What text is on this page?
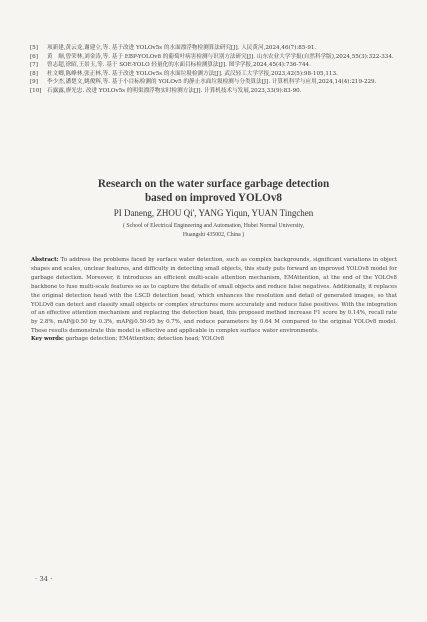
[5]	项新建,黄云龙,谢建立,等. 基于改进 YOLOv5s 的水面漂浮物检测算法研究[J]. 人民黄河,2024,46(7):85-91.
[6]	黄　顺,曾荣林,刘金涛,等. 基于 EBP-YOLOv8 的葡萄叶病害检测与识别方法研究[J]. 山东农业大学学报(自然科学版),2024,55(3):322-334.
[7]	曾志超,徐昭,王景玉,等. 基于 SOE-YOLO 轻量化的水面目标检测算法[J]. 图学学报,2024,45(4):736-744.
[8]	杜文卿,陈峰林,张正林,等. 基于改进 YOLOv5s 的水面垃圾检测方法[J]. 武汉轻工大学学报,2023,42(5):98-105,113.
[9]	李少杰,潘楚文,姚俊辉,等. 基于小目标检测的 YOLOv5 的静止水面垃圾检测与分类算法[J]. 计算机科学与应用,2024,14(4):219-229.
[10] 石露露,廖光忠. 改进 YOLOv5s 的明渠漂浮物实时检测方法[J]. 计算机技术与发展,2023,33(9):83-90.
Research on the water surface garbage detection
based on improved YOLOv8
PI Daneng, ZHOU Qi', YANG Yiqun, YUAN Tingchen
( School of Electrical Engineering and Automation, Hubei Normal University,
Huangshi 435002, China )
Abstract: To address the problems faced by surface water detection, such as complex backgrounds, significant variations in object shapes and scales, unclear features, and difficulty in detecting small objects, this study puts forward an improved YOLOv8 model for garbage detection. Moreover, it introduces an efficient multi-scale attention mechanism, EMAttention, at the end of the YOLOv8 backbone to fuse multi-scale features so as to capture the details of small objects and reduce false negatives. Additionally, it replaces the original detection head with the LSCD detection head, which enhances the resolution and detail of generated images, so that YOLOv8 can detect and classify small objects or complex structures more accurately and reduce false positives. With the integration of an effective attention mechanism and replacing the detection head, this proposed method increase F1 score by 0.14%, recall rate by 2.8%, mAP@0.50 by 0.3%, mAP@0.50-95 by 0.7%, and reduce parameters by 0.64 M compared to the original YOLOv8 model. These results demonstrate this model is effective and applicable in complex surface water environments.
Key words: garbage detection; EMAttention; detection head; YOLOv8
· 34 ·
